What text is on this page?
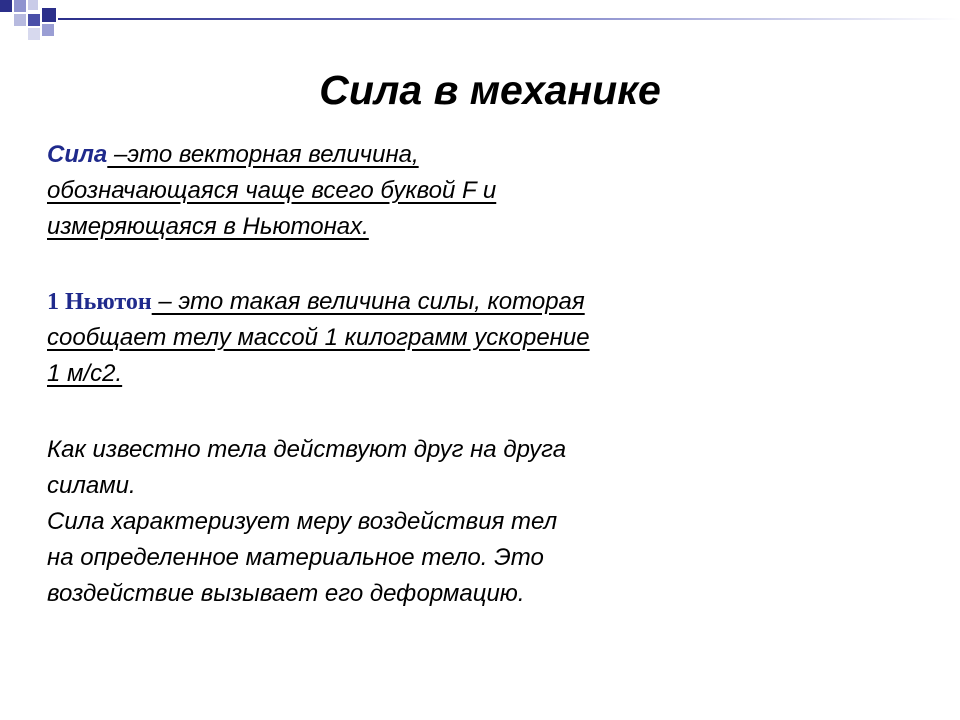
Сила в механике

Сила –это векторная величина,
обозначающаяся чаще всего буквой F и
измеряющаяся в Ньютонах.

1 Ньютон – это такая величина силы, которая
сообщает телу массой 1 килограмм ускорение
1 м/с2.

Как известно тела действуют друг на друга
силами.
Сила характеризует меру воздействия тел
на определенное материальное тело. Это
воздействие вызывает его деформацию.
